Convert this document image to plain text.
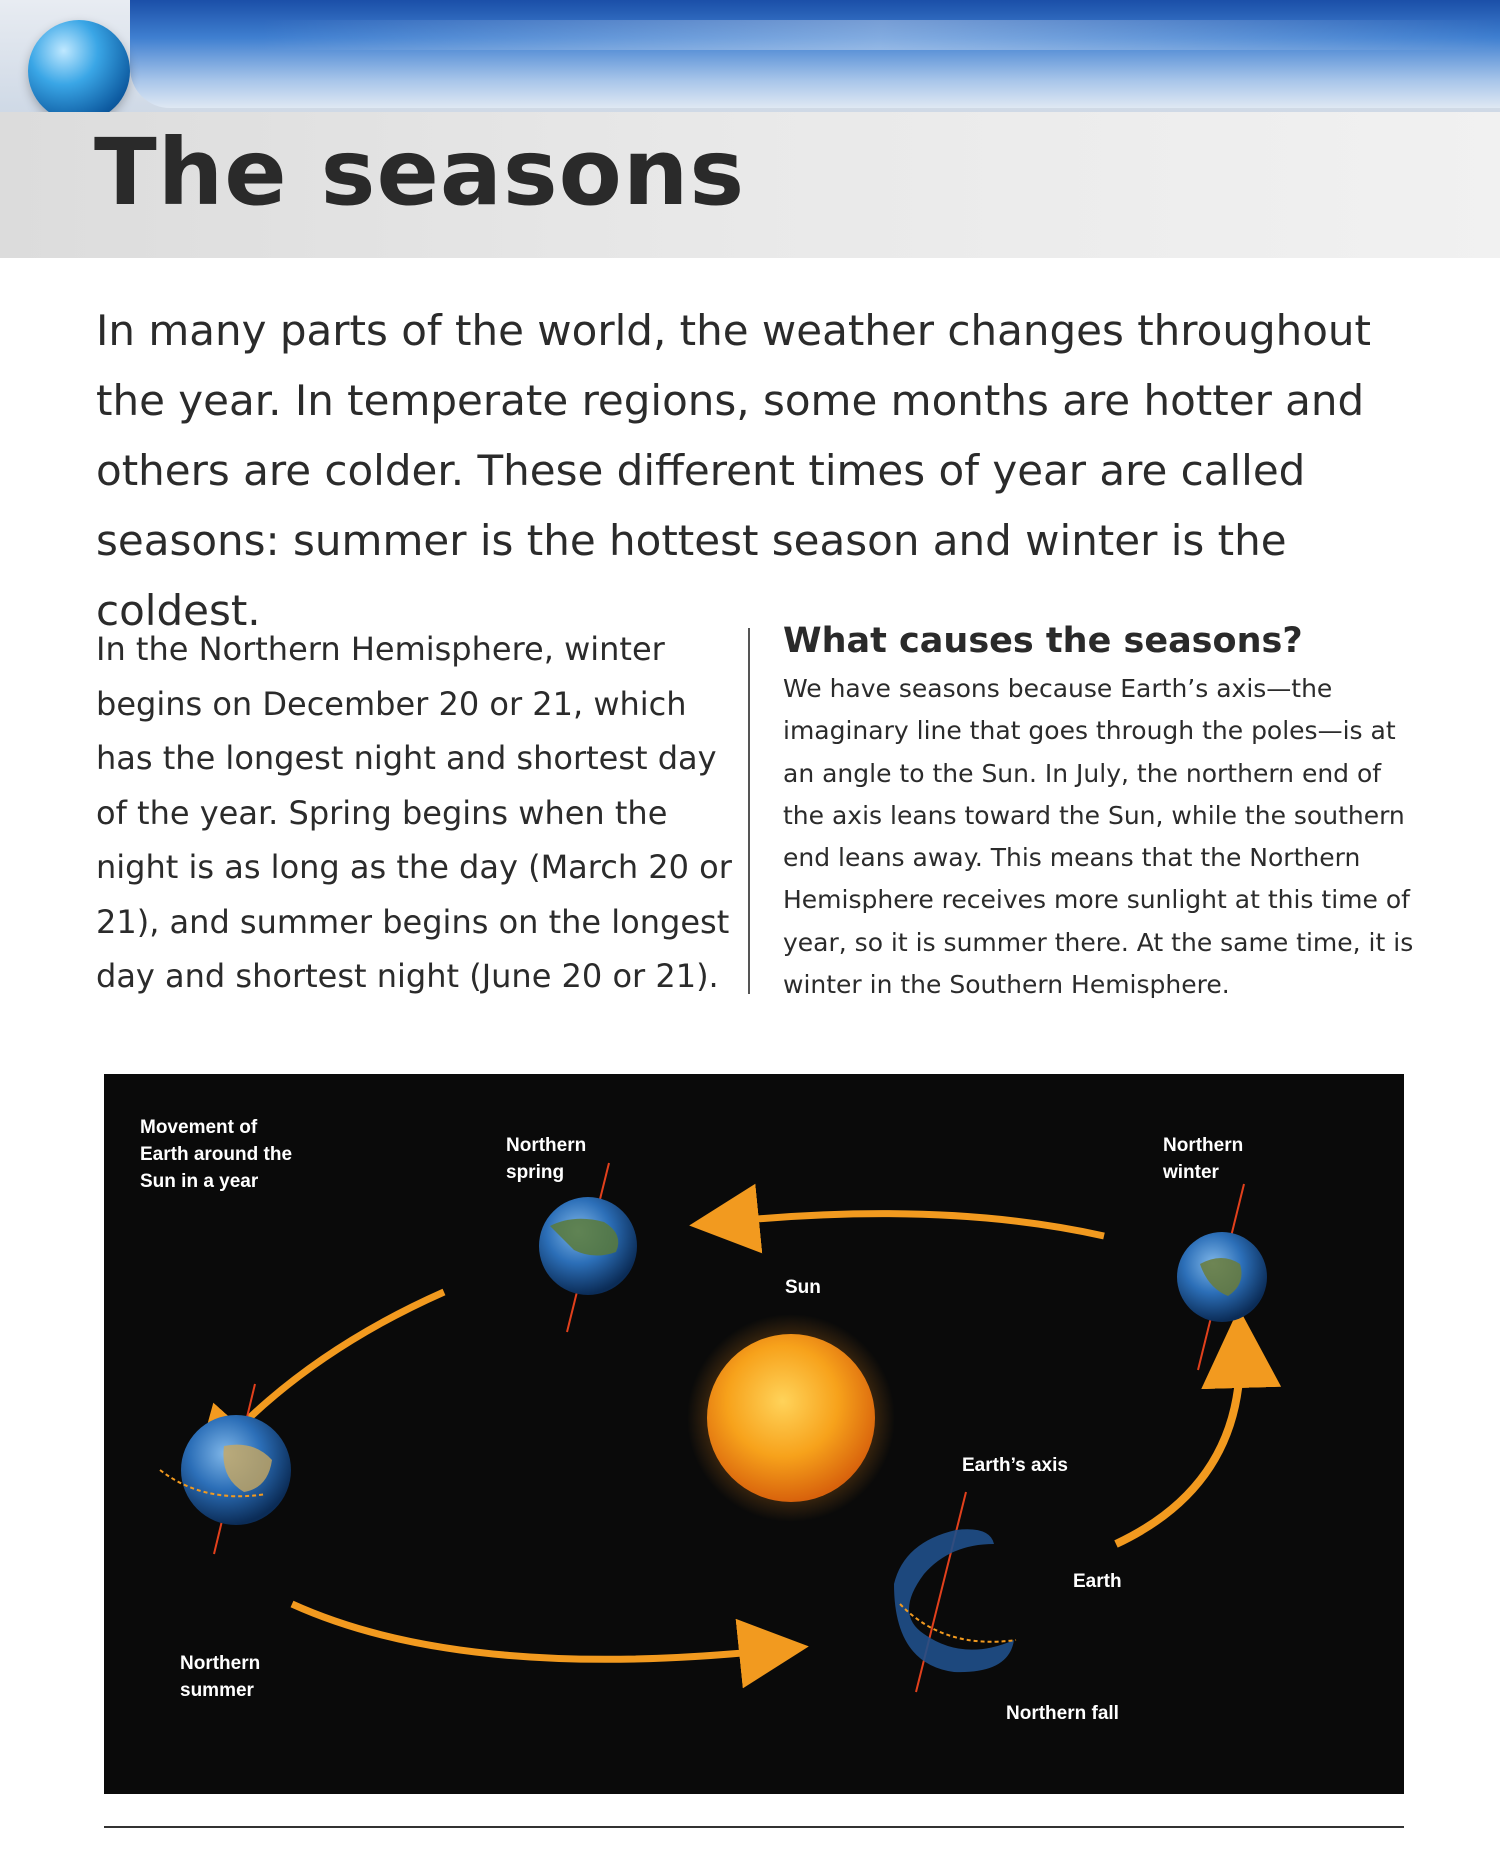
The seasons

In many parts of the world, the weather changes throughout the year. In temperate regions, some months are hotter and others are colder. These different times of year are called seasons: summer is the hottest season and winter is the coldest.

In the Northern Hemisphere, winter begins on December 20 or 21, which has the longest night and shortest day of the year. Spring begins when the night is as long as the day (March 20 or 21), and summer begins on the longest day and shortest night (June 20 or 21).

What causes the seasons?

We have seasons because Earth’s axis—the imaginary line that goes through the poles—is at an angle to the Sun. In July, the northern end of the axis leans toward the Sun, while the southern end leans away. This means that the Northern Hemisphere receives more sunlight at this time of year, so it is summer there. At the same time, it is winter in the Southern Hemisphere.

Movement of
Earth around the
Sun in a year

Northern
spring

Northern
winter

Sun

Earth’s axis

Earth

Northern
summer

Northern fall
